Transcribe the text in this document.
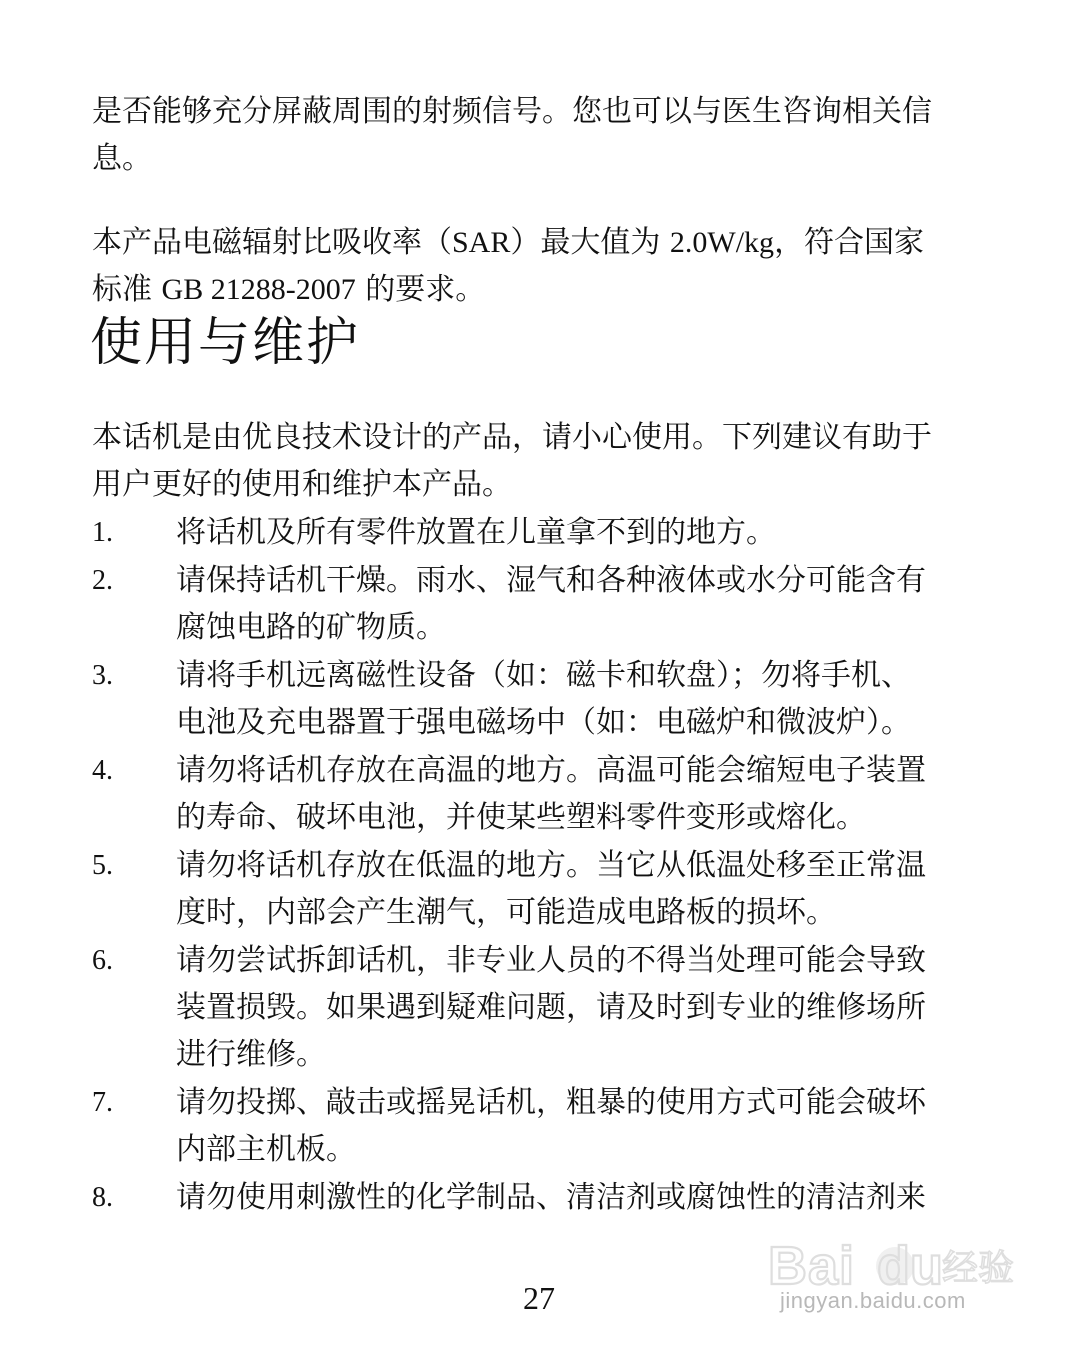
是否能够充分屏蔽周围的射频信号。您也可以与医生咨询相关信
息。

本产品电磁辐射比吸收率（SAR）最大值为 2.0W/kg，符合国家
标准 GB 21288-2007 的要求。

使用与维护

本话机是由优良技术设计的产品，请小心使用。下列建议有助于
用户更好的使用和维护本产品。

1. 将话机及所有零件放置在儿童拿不到的地方。
2. 请保持话机干燥。雨水、湿气和各种液体或水分可能含有
腐蚀电路的矿物质。
3. 请将手机远离磁性设备（如：磁卡和软盘）；勿将手机、
电池及充电器置于强电磁场中（如：电磁炉和微波炉）。
4. 请勿将话机存放在高温的地方。高温可能会缩短电子装置
的寿命、破坏电池，并使某些塑料零件变形或熔化。
5. 请勿将话机存放在低温的地方。当它从低温处移至正常温
度时，内部会产生潮气，可能造成电路板的损坏。
6. 请勿尝试拆卸话机，非专业人员的不得当处理可能会导致
装置损毁。如果遇到疑难问题，请及时到专业的维修场所
进行维修。
7. 请勿投掷、敲击或摇晃话机，粗暴的使用方式可能会破坏
内部主机板。
8. 请勿使用刺激性的化学制品、清洁剂或腐蚀性的清洁剂来
27
Bai du 经验
jingyan.baidu.com
